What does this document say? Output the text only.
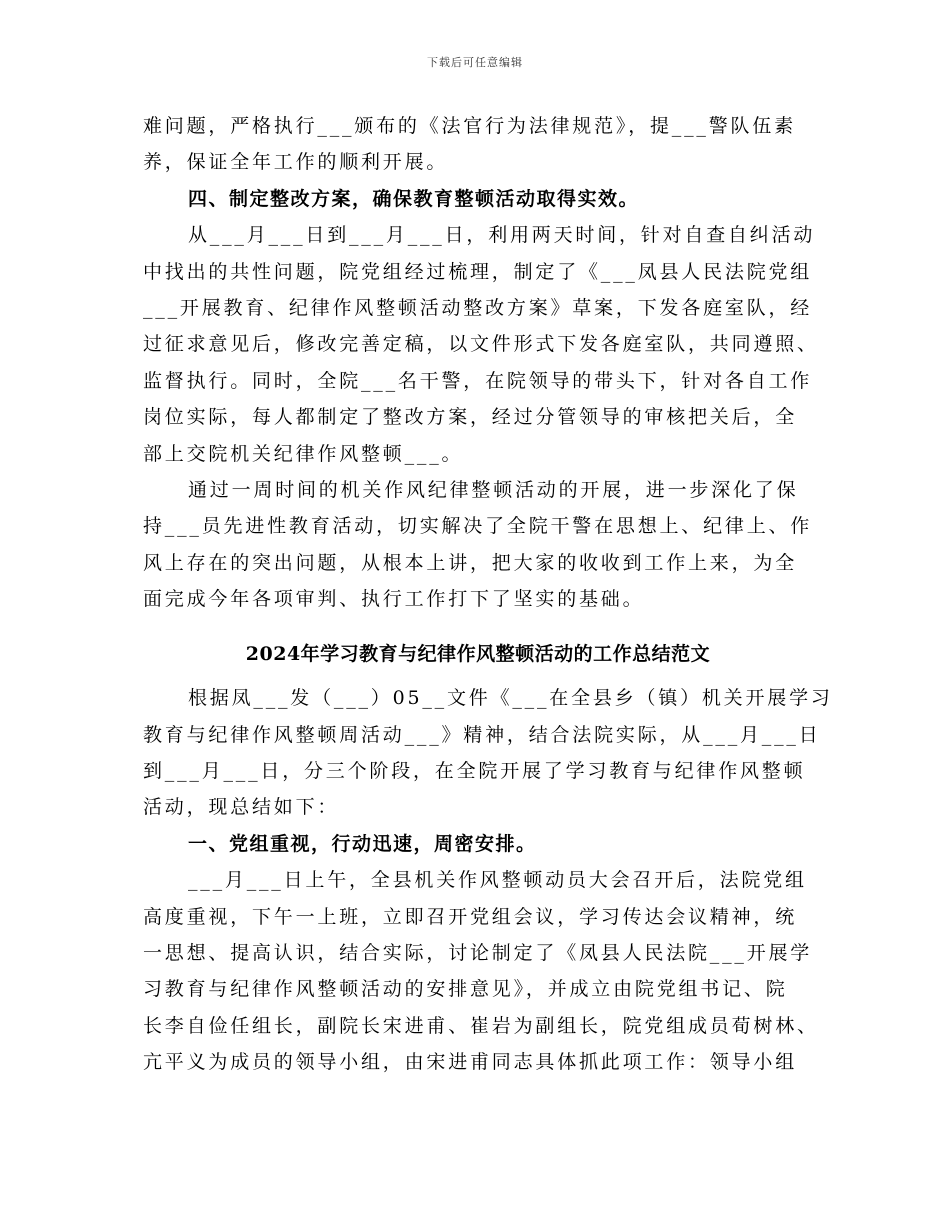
下载后可任意编辑

难问题，严格执行___颁布的《法官行为法律规范》，提___警队伍素
养，保证全年工作的顺利开展。

四、制定整改方案，确保教育整顿活动取得实效。

从___月___日到___月___日，利用两天时间，针对自查自纠活动
中找出的共性问题，院党组经过梳理，制定了《___凤县人民法院党组
___开展教育、纪律作风整顿活动整改方案》草案，下发各庭室队，经
过征求意见后，修改完善定稿，以文件形式下发各庭室队，共同遵照、
监督执行。同时，全院___名干警，在院领导的带头下，针对各自工作
岗位实际，每人都制定了整改方案，经过分管领导的审核把关后，全
部上交院机关纪律作风整顿___。

通过一周时间的机关作风纪律整顿活动的开展，进一步深化了保
持___员先进性教育活动，切实解决了全院干警在思想上、纪律上、作
风上存在的突出问题，从根本上讲，把大家的收收到工作上来，为全
面完成今年各项审判、执行工作打下了坚实的基础。

2024年学习教育与纪律作风整顿活动的工作总结范文

根据凤___发（___）05__文件《___在全县乡（镇）机关开展学习
教育与纪律作风整顿周活动___》精神，结合法院实际，从___月___日
到___月___日，分三个阶段，在全院开展了学习教育与纪律作风整顿
活动，现总结如下：

一、党组重视，行动迅速，周密安排。

___月___日上午，全县机关作风整顿动员大会召开后，法院党组
高度重视，下午一上班，立即召开党组会议，学习传达会议精神，统
一思想、提高认识，结合实际，讨论制定了《凤县人民法院___开展学
习教育与纪律作风整顿活动的安排意见》，并成立由院党组书记、院
长李自俭任组长，副院长宋进甫、崔岩为副组长，院党组成员荀树林、
亢平义为成员的领导小组，由宋进甫同志具体抓此项工作：领导小组
